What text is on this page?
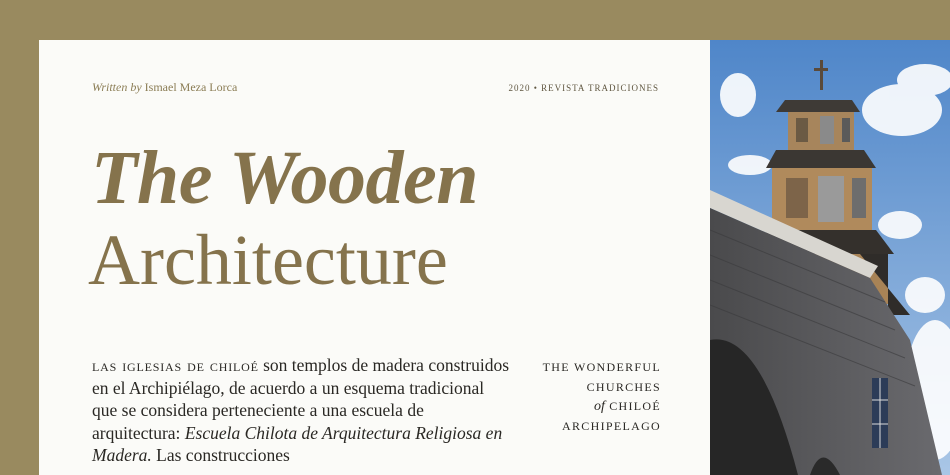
Written by Ismael Meza Lorca	2020 • REVISTA TRADICIONES
The Wooden
Architecture
las iglesias de chiloé son templos de madera construidos en el Archipiélago, de acuerdo a un esquema tradicional que se considera perteneciente a una escuela de arquitectura: Escuela Chilota de Arquitectura Religiosa en Madera. Las construcciones
THE WONDERFUL
CHURCHES
of CHILOÉ
ARCHIPELAGO
